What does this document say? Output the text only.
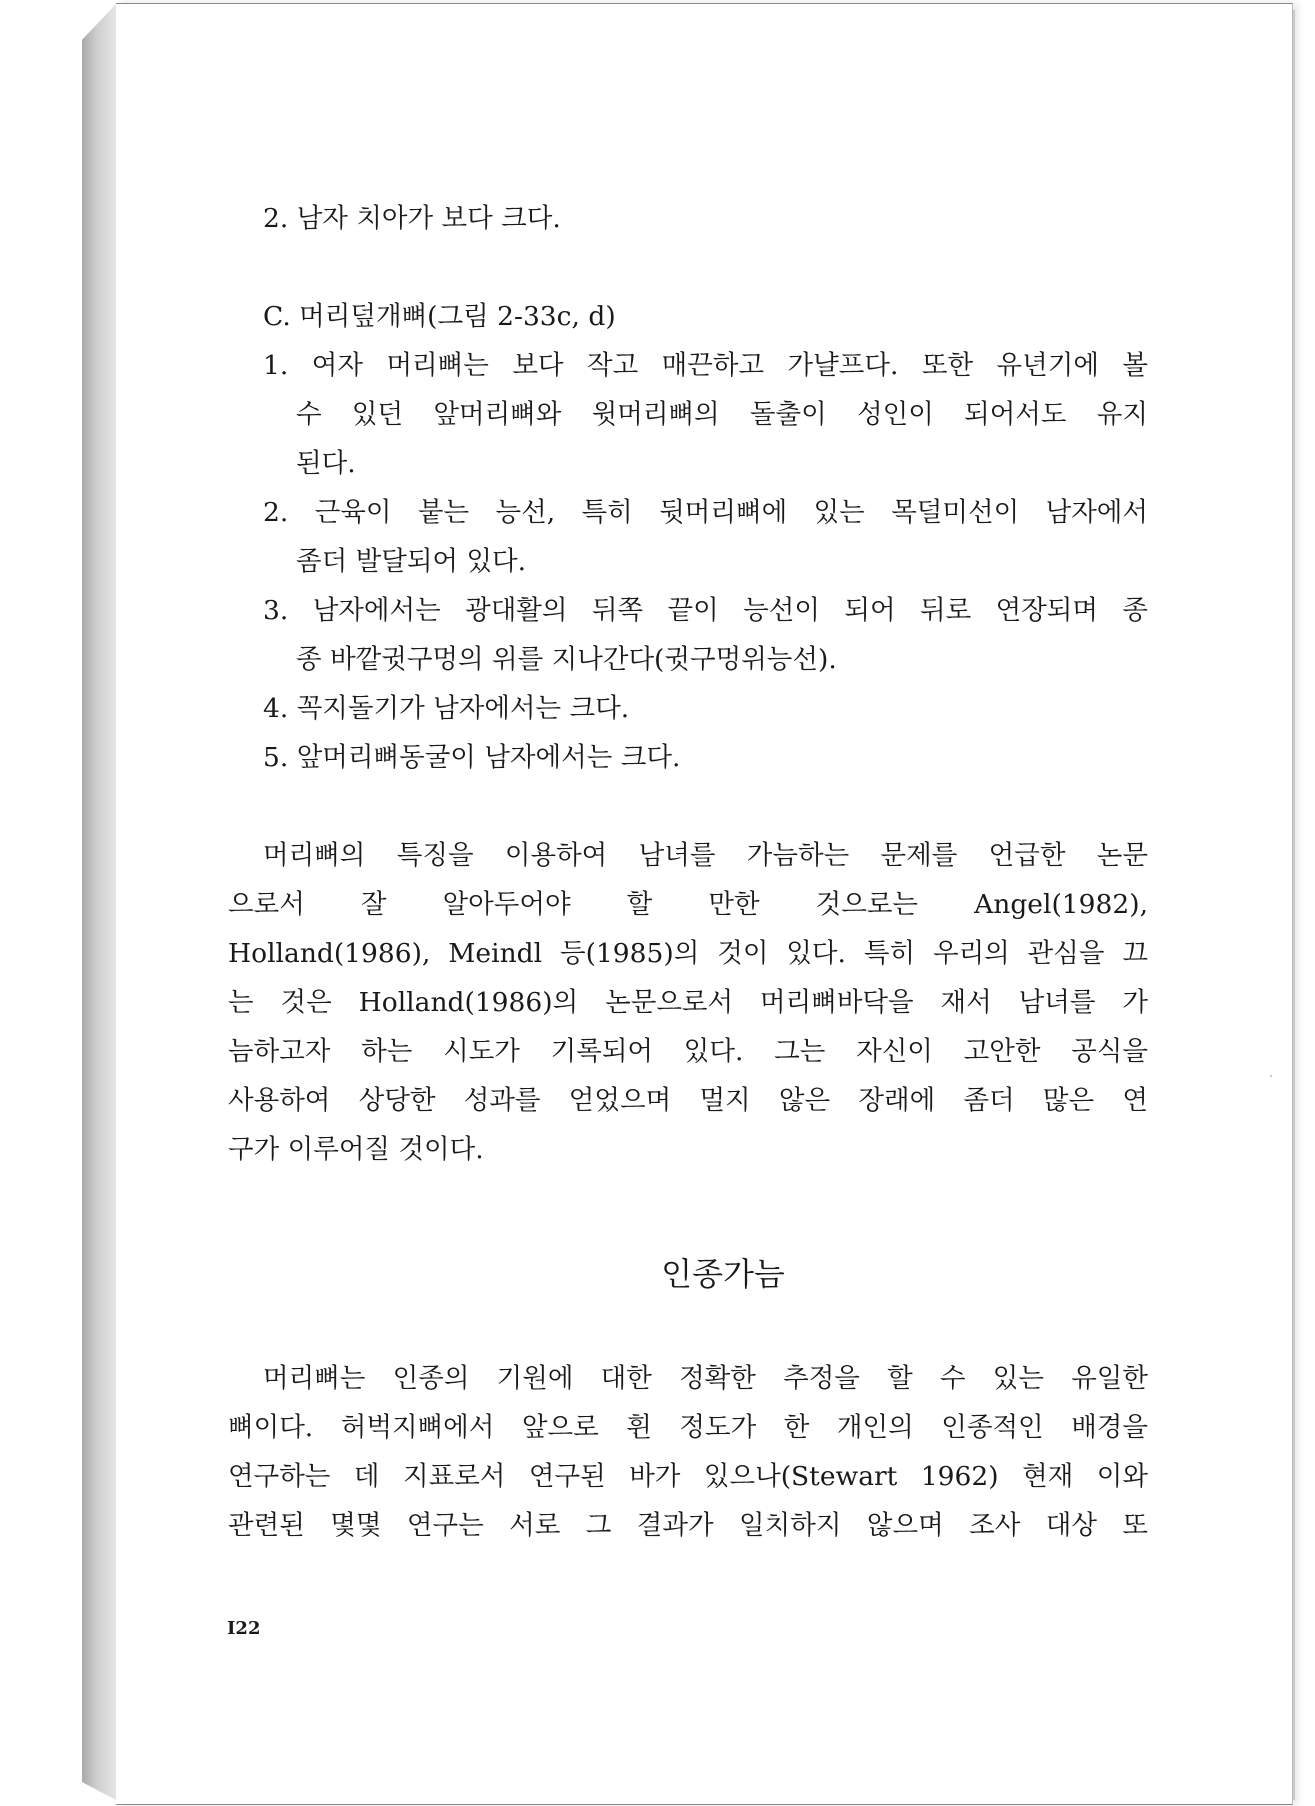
2. 남자 치아가 보다 크다.
C. 머리덮개뼈(그림 2-33c, d)
1. 여자 머리뼈는 보다 작고 매끈하고 가냘프다. 또한 유년기에 볼
수 있던 앞머리뼈와 윗머리뼈의 돌출이 성인이 되어서도 유지
된다.
2. 근육이 붙는 능선, 특히 뒷머리뼈에 있는 목덜미선이 남자에서
좀더 발달되어 있다.
3. 남자에서는 광대활의 뒤쪽 끝이 능선이 되어 뒤로 연장되며 종
종 바깥귓구멍의 위를 지나간다(귓구멍위능선).
4. 꼭지돌기가 남자에서는 크다.
5. 앞머리뼈동굴이 남자에서는 크다.
머리뼈의 특징을 이용하여 남녀를 가늠하는 문제를 언급한 논문
으로서 잘 알아두어야 할 만한 것으로는 Angel(1982),
Holland(1986), Meindl 등(1985)의 것이 있다. 특히 우리의 관심을 끄
는 것은 Holland(1986)의 논문으로서 머리뼈바닥을 재서 남녀를 가
늠하고자 하는 시도가 기록되어 있다. 그는 자신이 고안한 공식을
사용하여 상당한 성과를 얻었으며 멀지 않은 장래에 좀더 많은 연
구가 이루어질 것이다.
인종가늠
머리뼈는 인종의 기원에 대한 정확한 추정을 할 수 있는 유일한
뼈이다. 허벅지뼈에서 앞으로 휜 정도가 한 개인의 인종적인 배경을
연구하는 데 지표로서 연구된 바가 있으나(Stewart 1962) 현재 이와
관련된 몇몇 연구는 서로 그 결과가 일치하지 않으며 조사 대상 또
I22
